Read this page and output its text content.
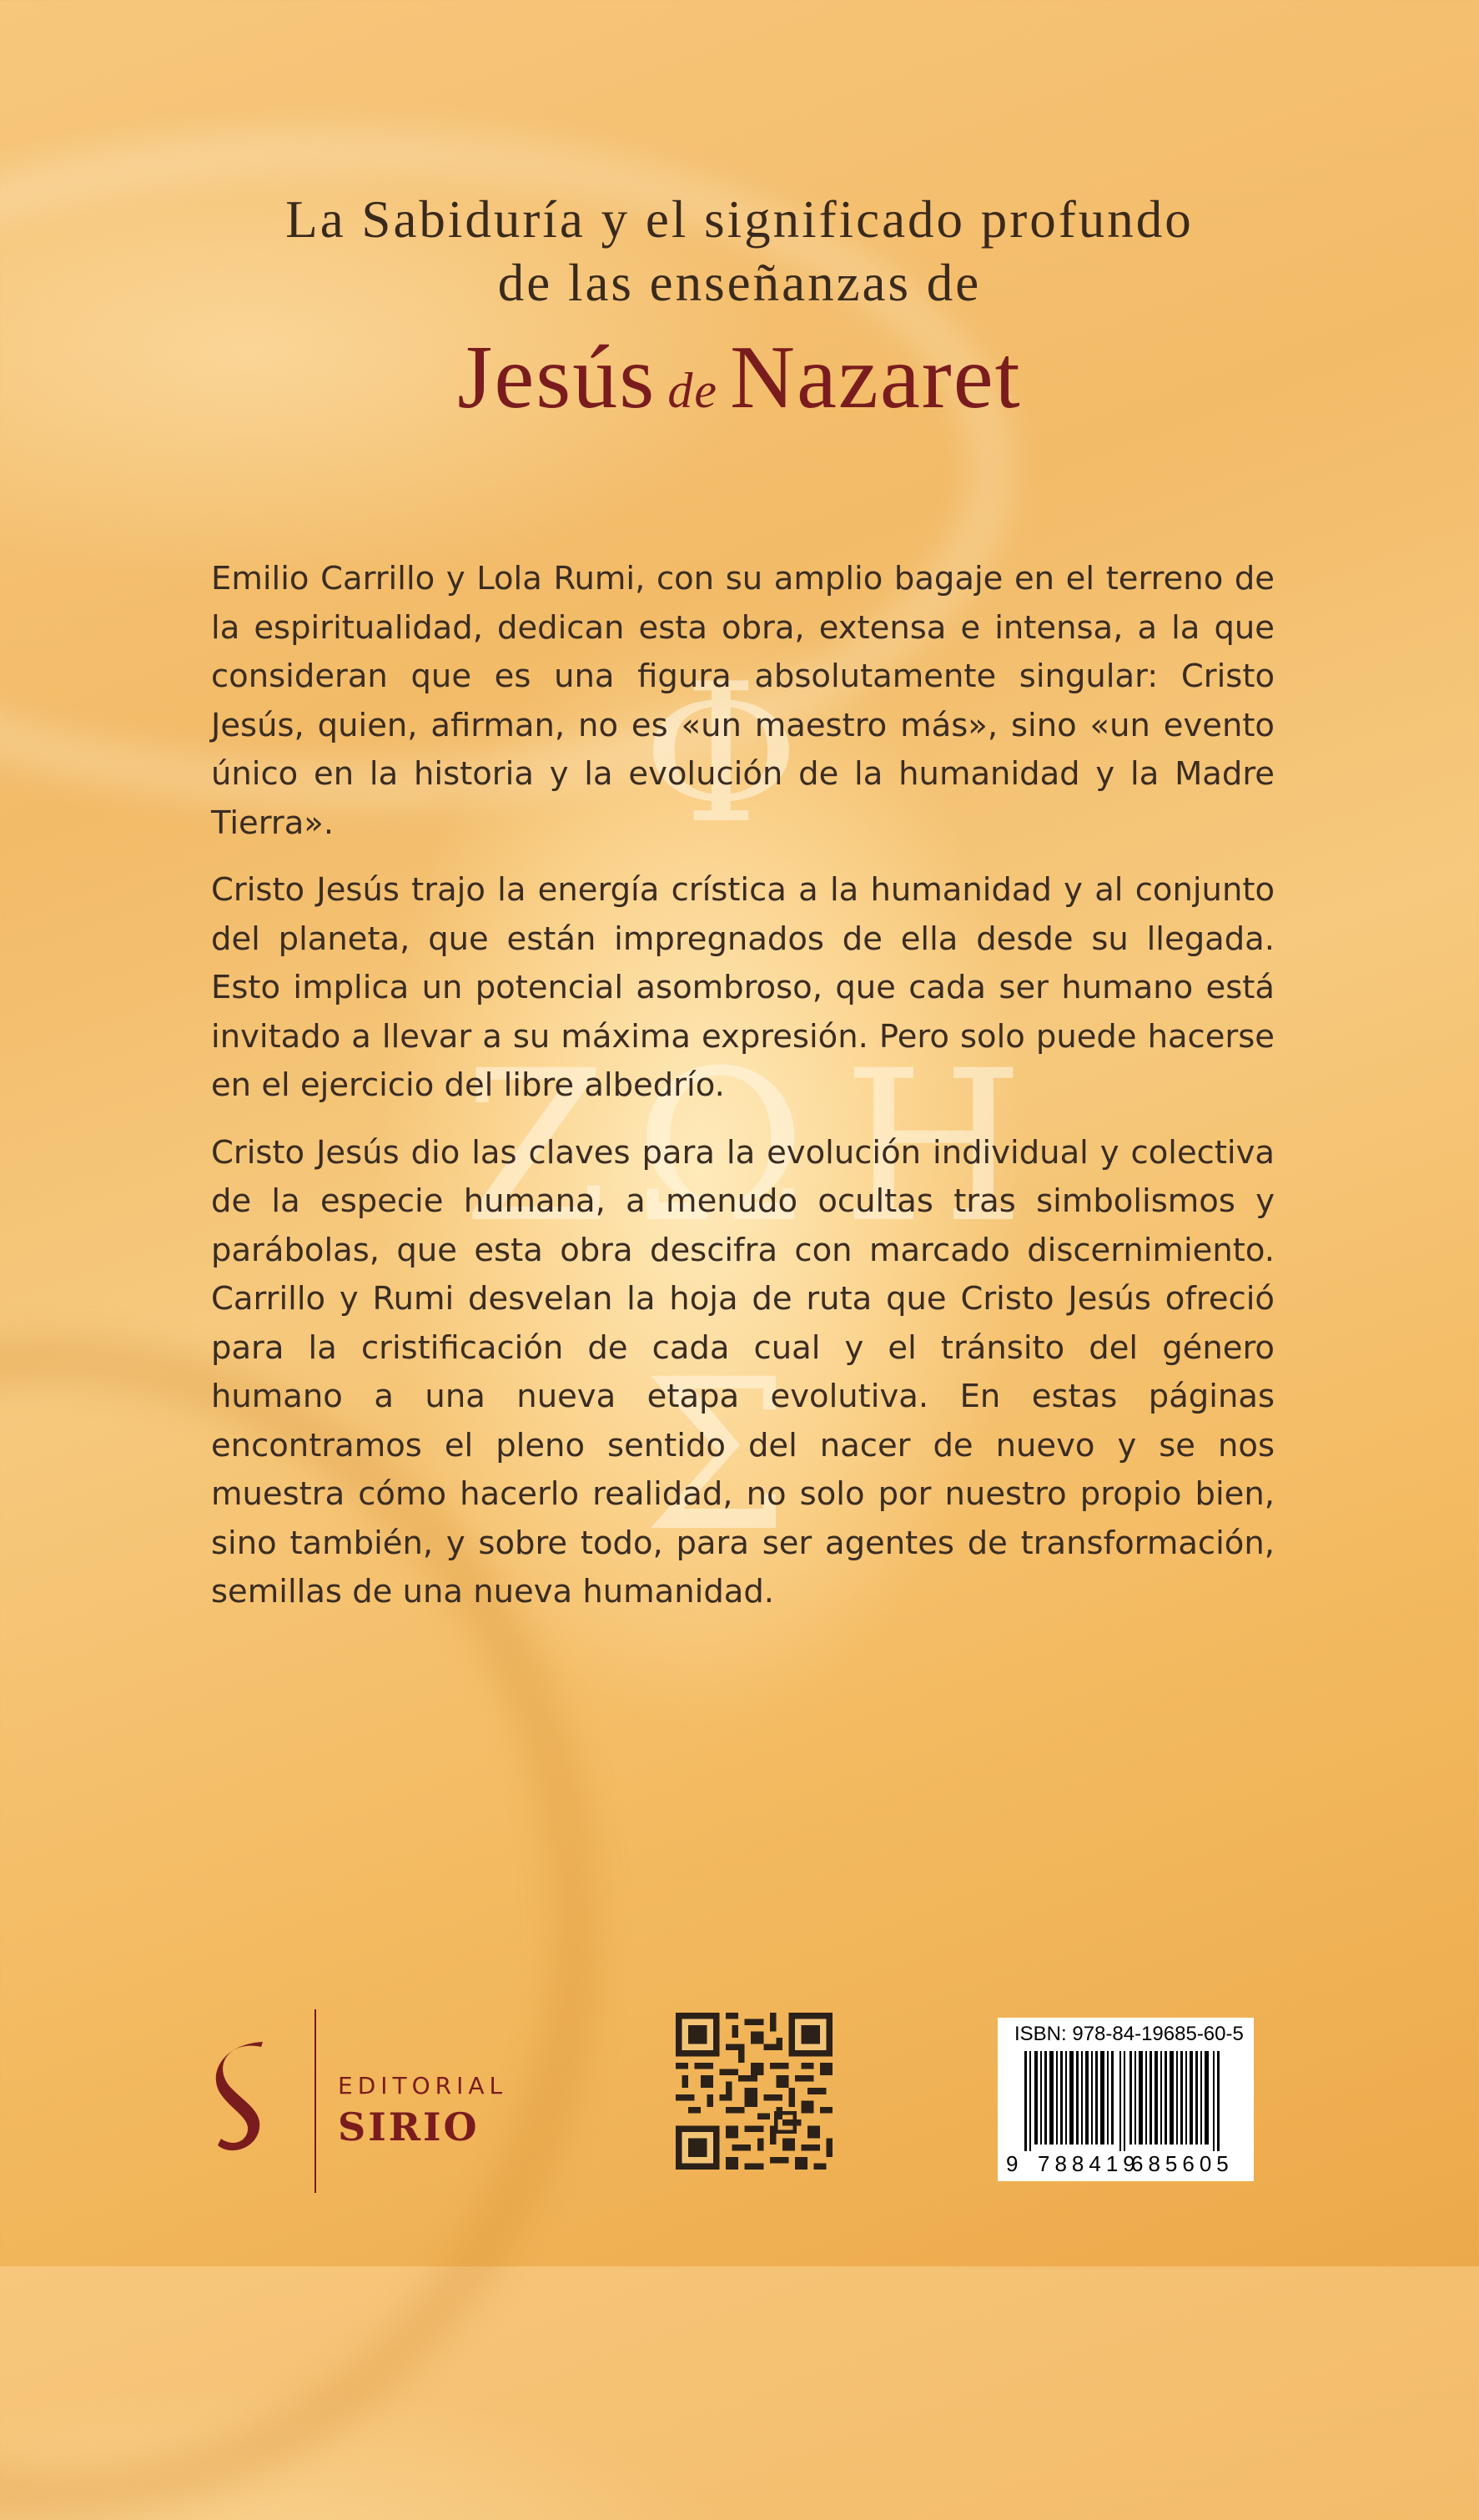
Φ
Ζ Ω Η
Σ
La Sabiduría y el significado profundo
de las enseñanzas de
Jesús de Nazaret

Emilio Carrillo y Lola Rumi, con su amplio bagaje en el terreno de la espiritualidad, dedican esta obra, extensa e intensa, a la que consideran que es una figura absolutamente singular: Cristo Jesús, quien, afirman, no es «un maestro más», sino «un evento único en la historia y la evolución de la humanidad y la Madre Tierra».

Cristo Jesús trajo la energía crística a la humanidad y al conjunto del planeta, que están impregnados de ella desde su llegada. Esto implica un potencial asombroso, que cada ser humano está invitado a llevar a su máxima expresión. Pero solo puede hacerse en el ejercicio del libre albedrío.

Cristo Jesús dio las claves para la evolución individual y colectiva de la especie humana, a menudo ocultas tras simbolismos y parábolas, que esta obra descifra con marcado discernimiento. Carrillo y Rumi desvelan la hoja de ruta que Cristo Jesús ofreció para la cristificación de cada cual y el tránsito del género humano a una nueva etapa evolutiva. En estas páginas encontramos el pleno sentido del nacer de nuevo y se nos muestra cómo hacerlo realidad, no solo por nuestro propio bien, sino también, y sobre todo, para ser agentes de transformación, semillas de una nueva humanidad.

EDITORIAL
SIRIO
ISBN: 978-84-19685-60-5
9 788419
685605
